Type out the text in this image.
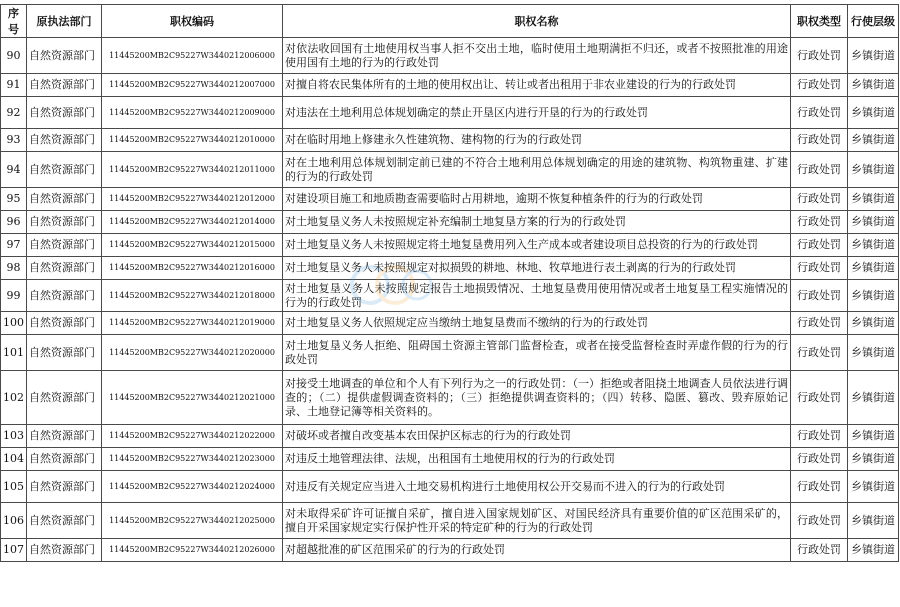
序号	原执法部门	职权编码	职权名称	职权类型	行使层级
90	自然资源部门	11445200MB2C95227W3440212006000	对依法收回国有土地使用权当事人拒不交出土地，临时使用土地期满拒不归还，或者不按照批准的用途使用国有土地的行为的行政处罚	行政处罚	乡镇街道
91	自然资源部门	11445200MB2C95227W3440212007000	对擅自将农民集体所有的土地的使用权出让、转让或者出租用于非农业建设的行为的行政处罚	行政处罚	乡镇街道
92	自然资源部门	11445200MB2C95227W3440212009000	对违法在土地利用总体规划确定的禁止开垦区内进行开垦的行为的行政处罚	行政处罚	乡镇街道
93	自然资源部门	11445200MB2C95227W3440212010000	对在临时用地上修建永久性建筑物、建构物的行为的行政处罚	行政处罚	乡镇街道
94	自然资源部门	11445200MB2C95227W3440212011000	对在土地利用总体规划制定前已建的不符合土地利用总体规划确定的用途的建筑物、构筑物重建、扩建的行为的行政处罚	行政处罚	乡镇街道
95	自然资源部门	11445200MB2C95227W3440212012000	对建设项目施工和地质勘查需要临时占用耕地，逾期不恢复种植条件的行为的行政处罚	行政处罚	乡镇街道
96	自然资源部门	11445200MB2C95227W3440212014000	对土地复垦义务人未按照规定补充编制土地复垦方案的行为的行政处罚	行政处罚	乡镇街道
97	自然资源部门	11445200MB2C95227W3440212015000	对土地复垦义务人未按照规定将土地复垦费用列入生产成本或者建设项目总投资的行为的行政处罚	行政处罚	乡镇街道
98	自然资源部门	11445200MB2C95227W3440212016000	对土地复垦义务人未按照规定对拟损毁的耕地、林地、牧草地进行表土剥离的行为的行政处罚	行政处罚	乡镇街道
99	自然资源部门	11445200MB2C95227W3440212018000	对土地复垦义务人未按照规定报告土地损毁情况、土地复垦费用使用情况或者土地复垦工程实施情况的行为的行政处罚	行政处罚	乡镇街道
100	自然资源部门	11445200MB2C95227W3440212019000	对土地复垦义务人依照规定应当缴纳土地复垦费而不缴纳的行为的行政处罚	行政处罚	乡镇街道
101	自然资源部门	11445200MB2C95227W3440212020000	对土地复垦义务人拒绝、阻碍国土资源主管部门监督检查，或者在接受监督检查时弄虚作假的行为的行政处罚	行政处罚	乡镇街道
102	自然资源部门	11445200MB2C95227W3440212021000	对接受土地调查的单位和个人有下列行为之一的行政处罚：（一）拒绝或者阻挠土地调查人员依法进行调查的；（二）提供虚假调查资料的；（三）拒绝提供调查资料的；（四）转移、隐匿、篡改、毁弃原始记录、土地登记簿等相关资料的。	行政处罚	乡镇街道
103	自然资源部门	11445200MB2C95227W3440212022000	对破坏或者擅自改变基本农田保护区标志的行为的行政处罚	行政处罚	乡镇街道
104	自然资源部门	11445200MB2C95227W3440212023000	对违反土地管理法律、法规，出租国有土地使用权的行为的行政处罚	行政处罚	乡镇街道
105	自然资源部门	11445200MB2C95227W3440212024000	对违反有关规定应当进入土地交易机构进行土地使用权公开交易而不进入的行为的行政处罚	行政处罚	乡镇街道
106	自然资源部门	11445200MB2C95227W3440212025000	对未取得采矿许可证擅自采矿，擅自进入国家规划矿区、对国民经济具有重要价值的矿区范围采矿的，擅自开采国家规定实行保护性开采的特定矿种的行为的行政处罚	行政处罚	乡镇街道
107	自然资源部门	11445200MB2C95227W3440212026000	对超越批准的矿区范围采矿的行为的行政处罚	行政处罚	乡镇街道
